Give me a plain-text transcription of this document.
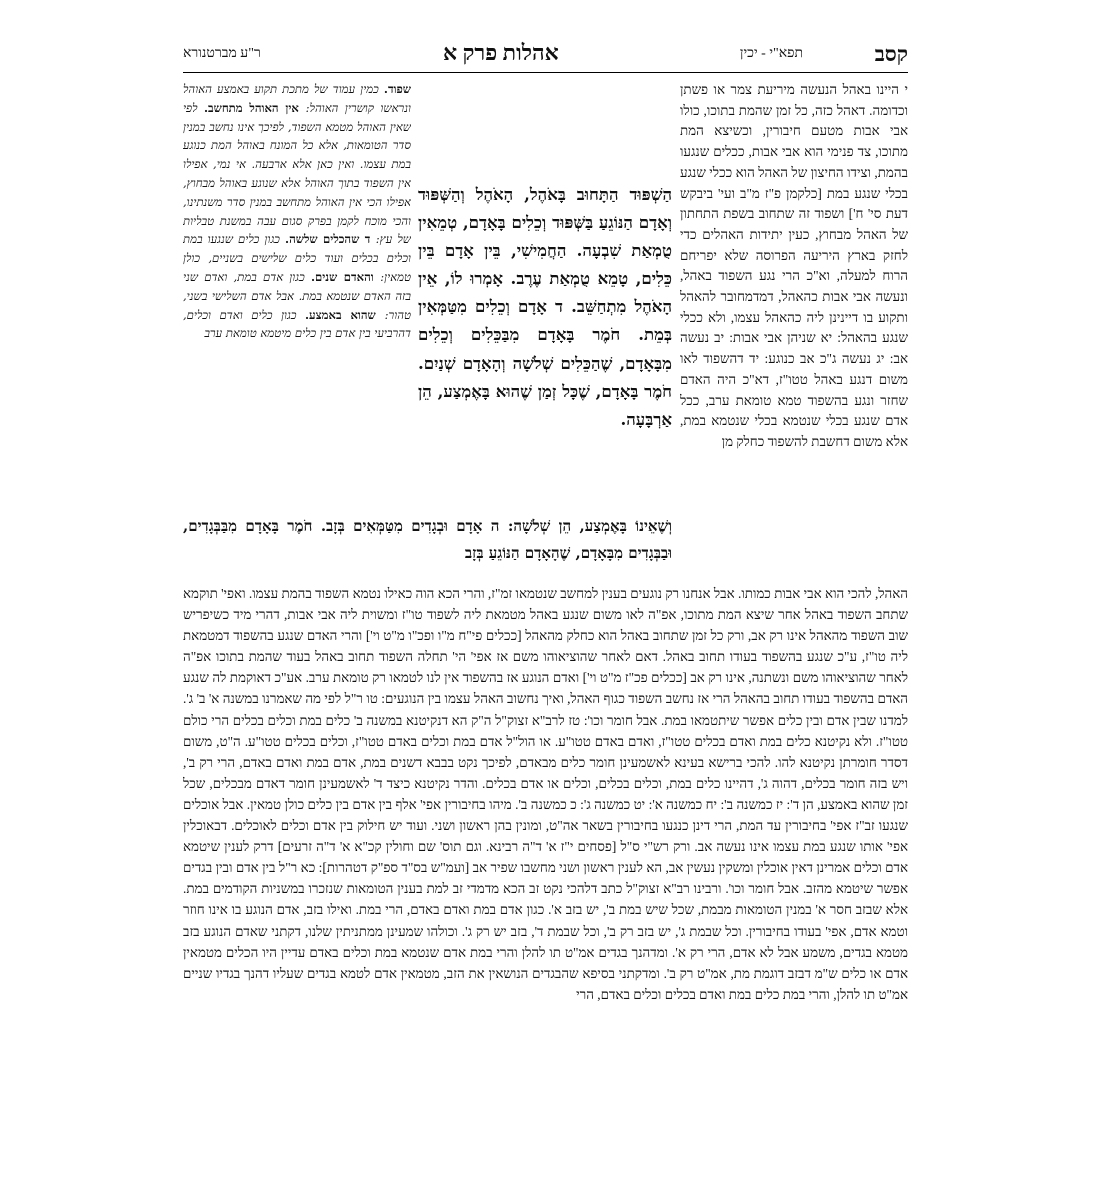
קסב
תפא"י - יכין
אהלות פרק א
ר"ע מברטנורא
י היינו באהל הנעשה מיריעת צמר או פשתן וכדומה. דאהל כזה, כל זמן שהמת בתוכו, כולו אבי אבות מטעם חיבורין, וכשיצא המת מתוכו, צד פנימי הוא אבי אבות, ככלים שנגעו בהמת, וצידו החיצון של האהל הוא ככלי שנגע בכלי שנגע במת [כלקמן פ"ז מ"ב ועי' ביבקש דעת סי' ח'] ושפוד זה שתחוב בשפת התחתון של האהל מבחוץ, כעין יתידות האהלים כדי לחזק בארץ היריעה הפרוסה שלא יפריחם הרוח למעלה, וא"כ הרי נגע השפוד באהל, ונעשה אבי אבות כהאהל, דמדמחובר להאהל ותקוע בו דיינינן ליה כהאהל עצמו, ולא ככלי שנגע בהאהל: יא שניהן אבי אבות: יב נעשה אב: יג נעשה ג"כ אב כנוגע: יד דהשפוד לאו משום דנגע באהל טטו"ז, דא"כ היה האדם שחזר ונגע בהשפוד טמא טומאת ערב, ככל אדם שנגע בכלי שנטמא בכלי שנטמא במת, אלא משום דחשבת להשפוד כחלק מן
הַשְׁפּוּד הַתָּחוּב בָּאֹהֶל, הָאֹהֶל וְהַשְּׁפּוּד וְאָדָם הַנּוֹגֵעַ בַּשְּׁפּוּד וְכֵלִים בָּאָדָם, טְמֵאִין טֻמְאַת שִׁבְעָה. הַחֲמִישִׁי, בֵּין אָדָם בֵּין כֵּלִים, טָמֵא טֻמְאַת עֶרֶב. אָמְרוּ לוֹ, אֵין הָאֹהֶל מִתְחַשֵּׁב. ד אָדָם וְכֵלִים מִטַּמְּאִין בְּמֵת. חֹמֶר בָּאָדָם מִבַּכֵּלִים וְכֵלִים מִבָּאָדָם, שֶׁהַכֵּלִים שְׁלֹשָׁה וְהָאָדָם שְׁנַיִם. חֹמֶר בָּאָדָם, שֶׁכָּל זְמַן שֶׁהוּא בָּאֶמְצַע, הֵן אַרְבָּעָה.
שפוד. כמין עמוד של מתכת תקוע באמצע האוהל ונראשו קושרין האוהל: אין האוהל מתחשב. לפי שאין האוהל מטמא השפוד, לפיכך אינו נחשב במנין סדר הטומאות, אלא כל המונח באוהל המת כנוגע במת עצמו. ואין כאן אלא ארבעה. אי נמי, אפילו אין השפוד בתוך האוהל אלא שנוגע באוהל מבחוץ, אפילו הכי אין האוהל מתחשב במנין סדר משנתינו, והכי מוכח לקמן בפרק סגום עבה במשנת טבליות של עץ: ד שהכלים שלשה. כגון כלים שנגעו במת וכלים בכלים ועוד כלים שלישים בשניים, כולן טמאין: והאדם שנים. כגון אדם במת, ואדם שני בזה האדם שנטמא במת. אבל אדם השלישי בשני, טהור: שהוא באמצע. כגון כלים ואדם וכלים, דהרביעי בין אדם בין כלים מיטמא טומאת ערב
וְשֶׁאֵינוֹ בָּאֶמְצַע, הֵן שְׁלֹשָׁה: ה אָדָם וּבְגָדִים מִטַּמְּאִים בְּזָב. חֹמֶר בָּאָדָם מִבַּבְּגָדִים, וּבַבְּגָדִים מִבָּאָדָם, שֶׁהָאָדָם הַנּוֹגֵעַ בְּזָב
האהל, להכי הוא אבי אבות כמותו. אבל אנחנו רק נוגעים בענין למחשב שנטמאו זמ"ז, והרי הכא הוה כאילו נטמא השפוד בהמת עצמו. ואפי' תוקמא שתחב השפוד באהל אחר שיצא המת מתוכו, אפ"ה לאו משום שנגע באהל מטמאת ליה לשפוד טו"ז ומשוית ליה אבי אבות, דהרי מיד כשיפריש שוב השפוד מהאהל אינו רק אב, ורק כל זמן שתחוב באהל הוא כחלק מהאהל [ככלים פי"ח מ"ו ופכ"ו מ"ט וי'] והרי האדם שנגע בהשפוד דמטמאת ליה טו"ז, ע"כ שנגע בהשפוד בעודו תחוב באהל. דאם לאחר שהוציאוהו משם אז אפי' הי' תחלה השפוד תחוב באהל בעוד שהמת בתוכו אפ"ה לאחר שהוציאוהו משם ונשתנה, אינו רק אב [ככלים פכ"ז מ"ט וי'] ואדם הנוגע אז בהשפוד אין לנו לטמאו רק טומאת ערב. אע"כ דאוקמת לה שנגע האדם בהשפוד בעודו תחוב בהאהל הרי אז נחשב השפוד כגוף האהל, ואיך נחשוב האהל עצמו בין הנוגעים: טו ר"ל לפי מה שאמרנו במשנה א' ב' ג'. למדנו שבין אדם ובין כלים אפשר שיתטמאו במת. אבל חומר וכו': טז לרב"א זצוק"ל ה"ק הא דנקיטנא במשנה ב' כלים במת וכלים בכלים הרי כולם טטו"ז. ולא נקיטנא כלים במת ואדם בכלים טטו"ז, ואדם באדם טטו"ע. או הול"ל אדם במת וכלים באדם טטו"ז, וכלים בכלים טטו"ע. ה"ט, משום דסדר חומרתן נקיטנא להו. להכי ברישא בעינא לאשמעינן חומר כלים מבאדם, לפיכך נקט בבבא דשנים במת, אדם במת ואדם באדם, הרי רק ב', ויש בזה חומר בכלים, דהוה ג', דהיינו כלים במת, וכלים בכלים, וכלים או אדם בכלים. והדר נקיטנא כיצד ד' לאשמעינן חומר דאדם מבכלים, שכל זמן שהוא באמצע, הן ד': יז כמשנה ב': יח כמשנה א': יט כמשנה ג': כ כמשנה ב'. מיהו בחיבורין אפי' אלף בין אדם בין כלים כולן טמאין. אבל אוכלים שנגעו זב"ז אפי' בחיבורין עד המת, הרי דינן כנגעו בחיבורין בשאר אה"ט, ומונין בהן ראשון ושני. ועוד יש חילוק בין אדם וכלים לאוכלים. דבאוכלין אפי' אותו שנגע במת עצמו אינו נעשה אב. ורק רש"י ס"ל [פסחים י"ז א' ד"ה רבינא. וגם תוס' שם וחולין קכ"א א' ד"ה זרעים] דרק לענין שיטמא אדם וכלים אמרינן דאין אוכלין ומשקין נעשין אב, הא לענין ראשון ושני מחשבו שפיר אב [ועמ"ש בס"ד ספ"ק דטהרות]: כא ר"ל בין אדם ובין בגדים אפשר שיטמא מהזב. אבל חומר וכו'. ורבינו רב"א זצוק"ל כתב דלהכי נקט זב הכא מדמדי זב למת בענין הטומאות שנזכרו במשניות הקודמים במת. אלא שבזב חסר א' במנין הטומאות מבמת, שכל שיש במת ב', יש בזב א'. כגון אדם במת ואדם באדם, הרי במת. ואילו בזב, אדם הנוגע בו אינו חוזר וטמא אדם, אפי' בעודו בחיבורין. וכל שבמת ג', יש בזב רק ב', וכל שבמת ד', בזב יש רק ג'. וכולהו שמעינן ממתניתין שלנו, דקתני שאדם הנוגע בזב מטמא בגדים, משמע אבל לא אדם, הרי רק א'. ומדהנך בגדים אמ"ט תו להלן והרי במת אדם שנטמא במת וכלים באדם עדיין היו הכלים מטמאין אדם או כלים ש"מ דבזב דוגמת מת, אמ"ט רק ב'. ומדקתני בסיפא שהבגדים הנושאין את הזב, מטמאין אדם לטמא בגדים שעליו דהנך בגדיו שניים אמ"ט תו להלן, והרי במת כלים במת ואדם בכלים וכלים באדם, הרי
